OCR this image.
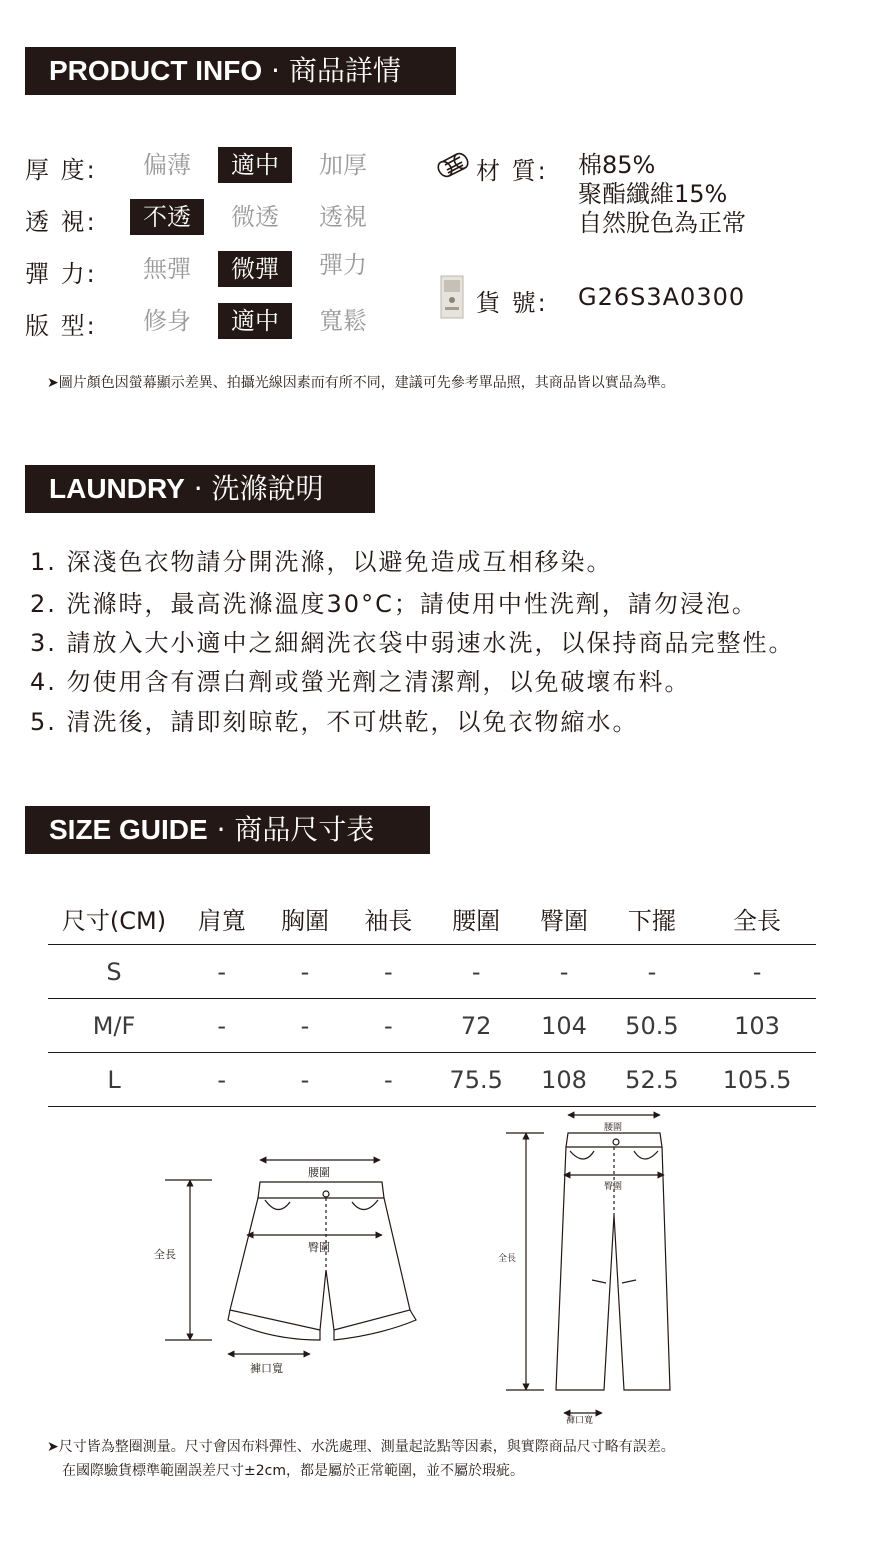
PRODUCT INFO · 商品詳情
厚 度:	偏薄	適中	加厚
透 視:	不透	微透	透視
彈 力:	無彈	微彈	彈力
版 型:	修身	適中	寬鬆
材 質: 棉85%
聚酯纖維15%
自然脫色為正常
貨 號: G26S3A0300
➤圖片顏色因螢幕顯示差異、拍攝光線因素而有所不同，建議可先參考單品照，其商品皆以實品為準。
LAUNDRY · 洗滌說明
1. 深淺色衣物請分開洗滌，以避免造成互相移染。
2. 洗滌時，最高洗滌溫度30°C；請使用中性洗劑，請勿浸泡。
3. 請放入大小適中之細網洗衣袋中弱速水洗，以保持商品完整性。
4. 勿使用含有漂白劑或螢光劑之清潔劑，以免破壞布料。
5. 清洗後，請即刻晾乾，不可烘乾，以免衣物縮水。
SIZE GUIDE · 商品尺寸表
尺寸(CM)	肩寬	胸圍	袖長	腰圍	臀圍	下擺	全長
S	-	-	-	-	-	-	-
M/F	-	-	-	72	104	50.5	103
L	-	-	-	75.5	108	52.5	105.5
腰圍
臀圍
全長
褲口寬
腰圍
臀圍
全長
褲口寬
➤尺寸皆為整圈測量。尺寸會因布料彈性、水洗處理、測量起訖點等因素，與實際商品尺寸略有誤差。
在國際驗貨標準範圍誤差尺寸±2cm，都是屬於正常範圍，並不屬於瑕疵。
